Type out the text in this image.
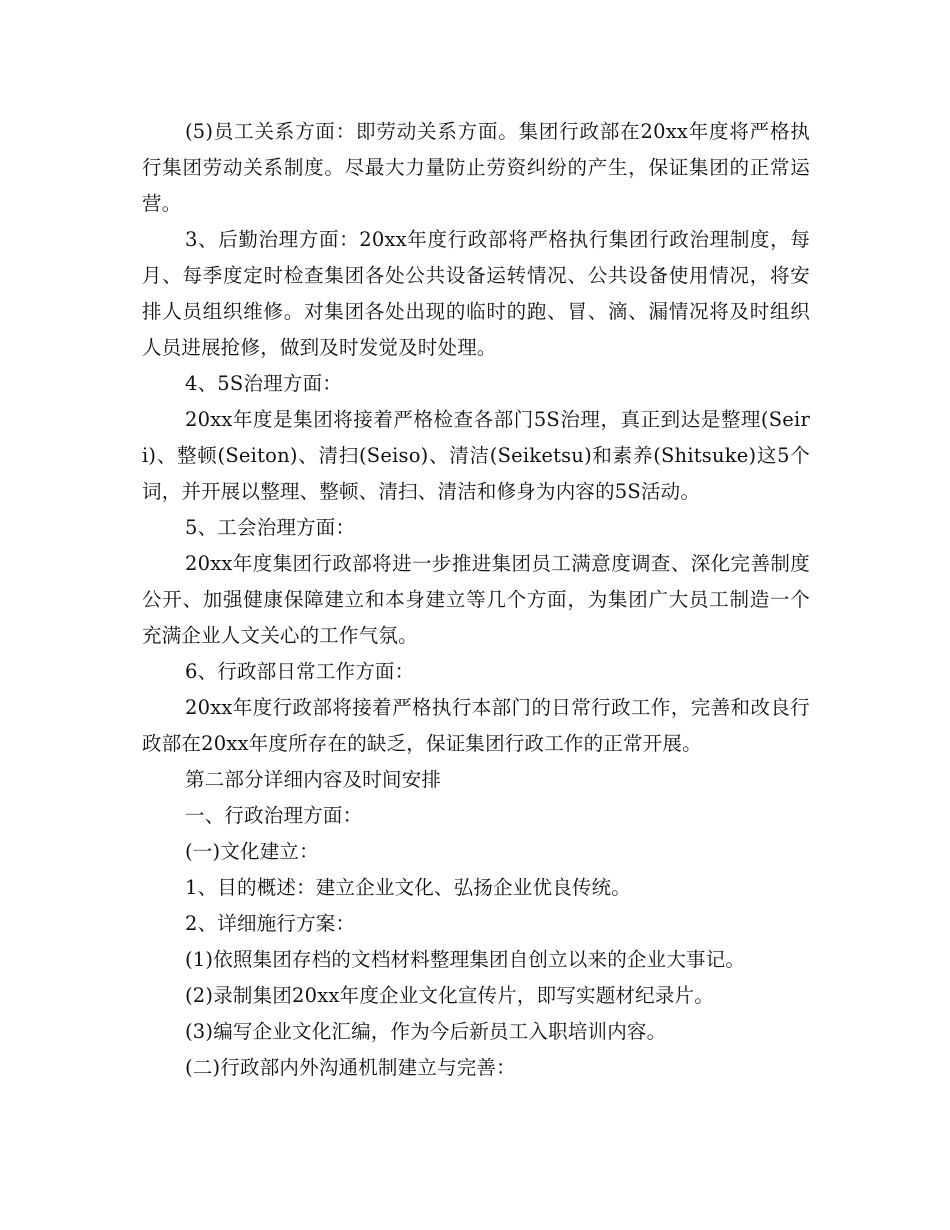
(5)员工关系方面：即劳动关系方面。集团行政部在20xx年度将严格执行集团劳动关系制度。尽最大力量防止劳资纠纷的产生，保证集团的正常运营。

3、后勤治理方面：20xx年度行政部将严格执行集团行政治理制度，每月、每季度定时检查集团各处公共设备运转情况、公共设备使用情况，将安排人员组织维修。对集团各处出现的临时的跑、冒、滴、漏情况将及时组织人员进展抢修，做到及时发觉及时处理。

4、5S治理方面：

20xx年度是集团将接着严格检查各部门5S治理，真正到达是整理(Seiri)、整顿(Seiton)、清扫(Seiso)、清洁(Seiketsu)和素养(Shitsuke)这5个词，并开展以整理、整顿、清扫、清洁和修身为内容的5S活动。

5、工会治理方面：

20xx年度集团行政部将进一步推进集团员工满意度调查、深化完善制度公开、加强健康保障建立和本身建立等几个方面，为集团广大员工制造一个充满企业人文关心的工作气氛。

6、行政部日常工作方面：

20xx年度行政部将接着严格执行本部门的日常行政工作，完善和改良行政部在20xx年度所存在的缺乏，保证集团行政工作的正常开展。

第二部分详细内容及时间安排

一、行政治理方面：

(一)文化建立：

1、目的概述：建立企业文化、弘扬企业优良传统。

2、详细施行方案：

(1)依照集团存档的文档材料整理集团自创立以来的企业大事记。

(2)录制集团20xx年度企业文化宣传片，即写实题材纪录片。

(3)编写企业文化汇编，作为今后新员工入职培训内容。

(二)行政部内外沟通机制建立与完善：
